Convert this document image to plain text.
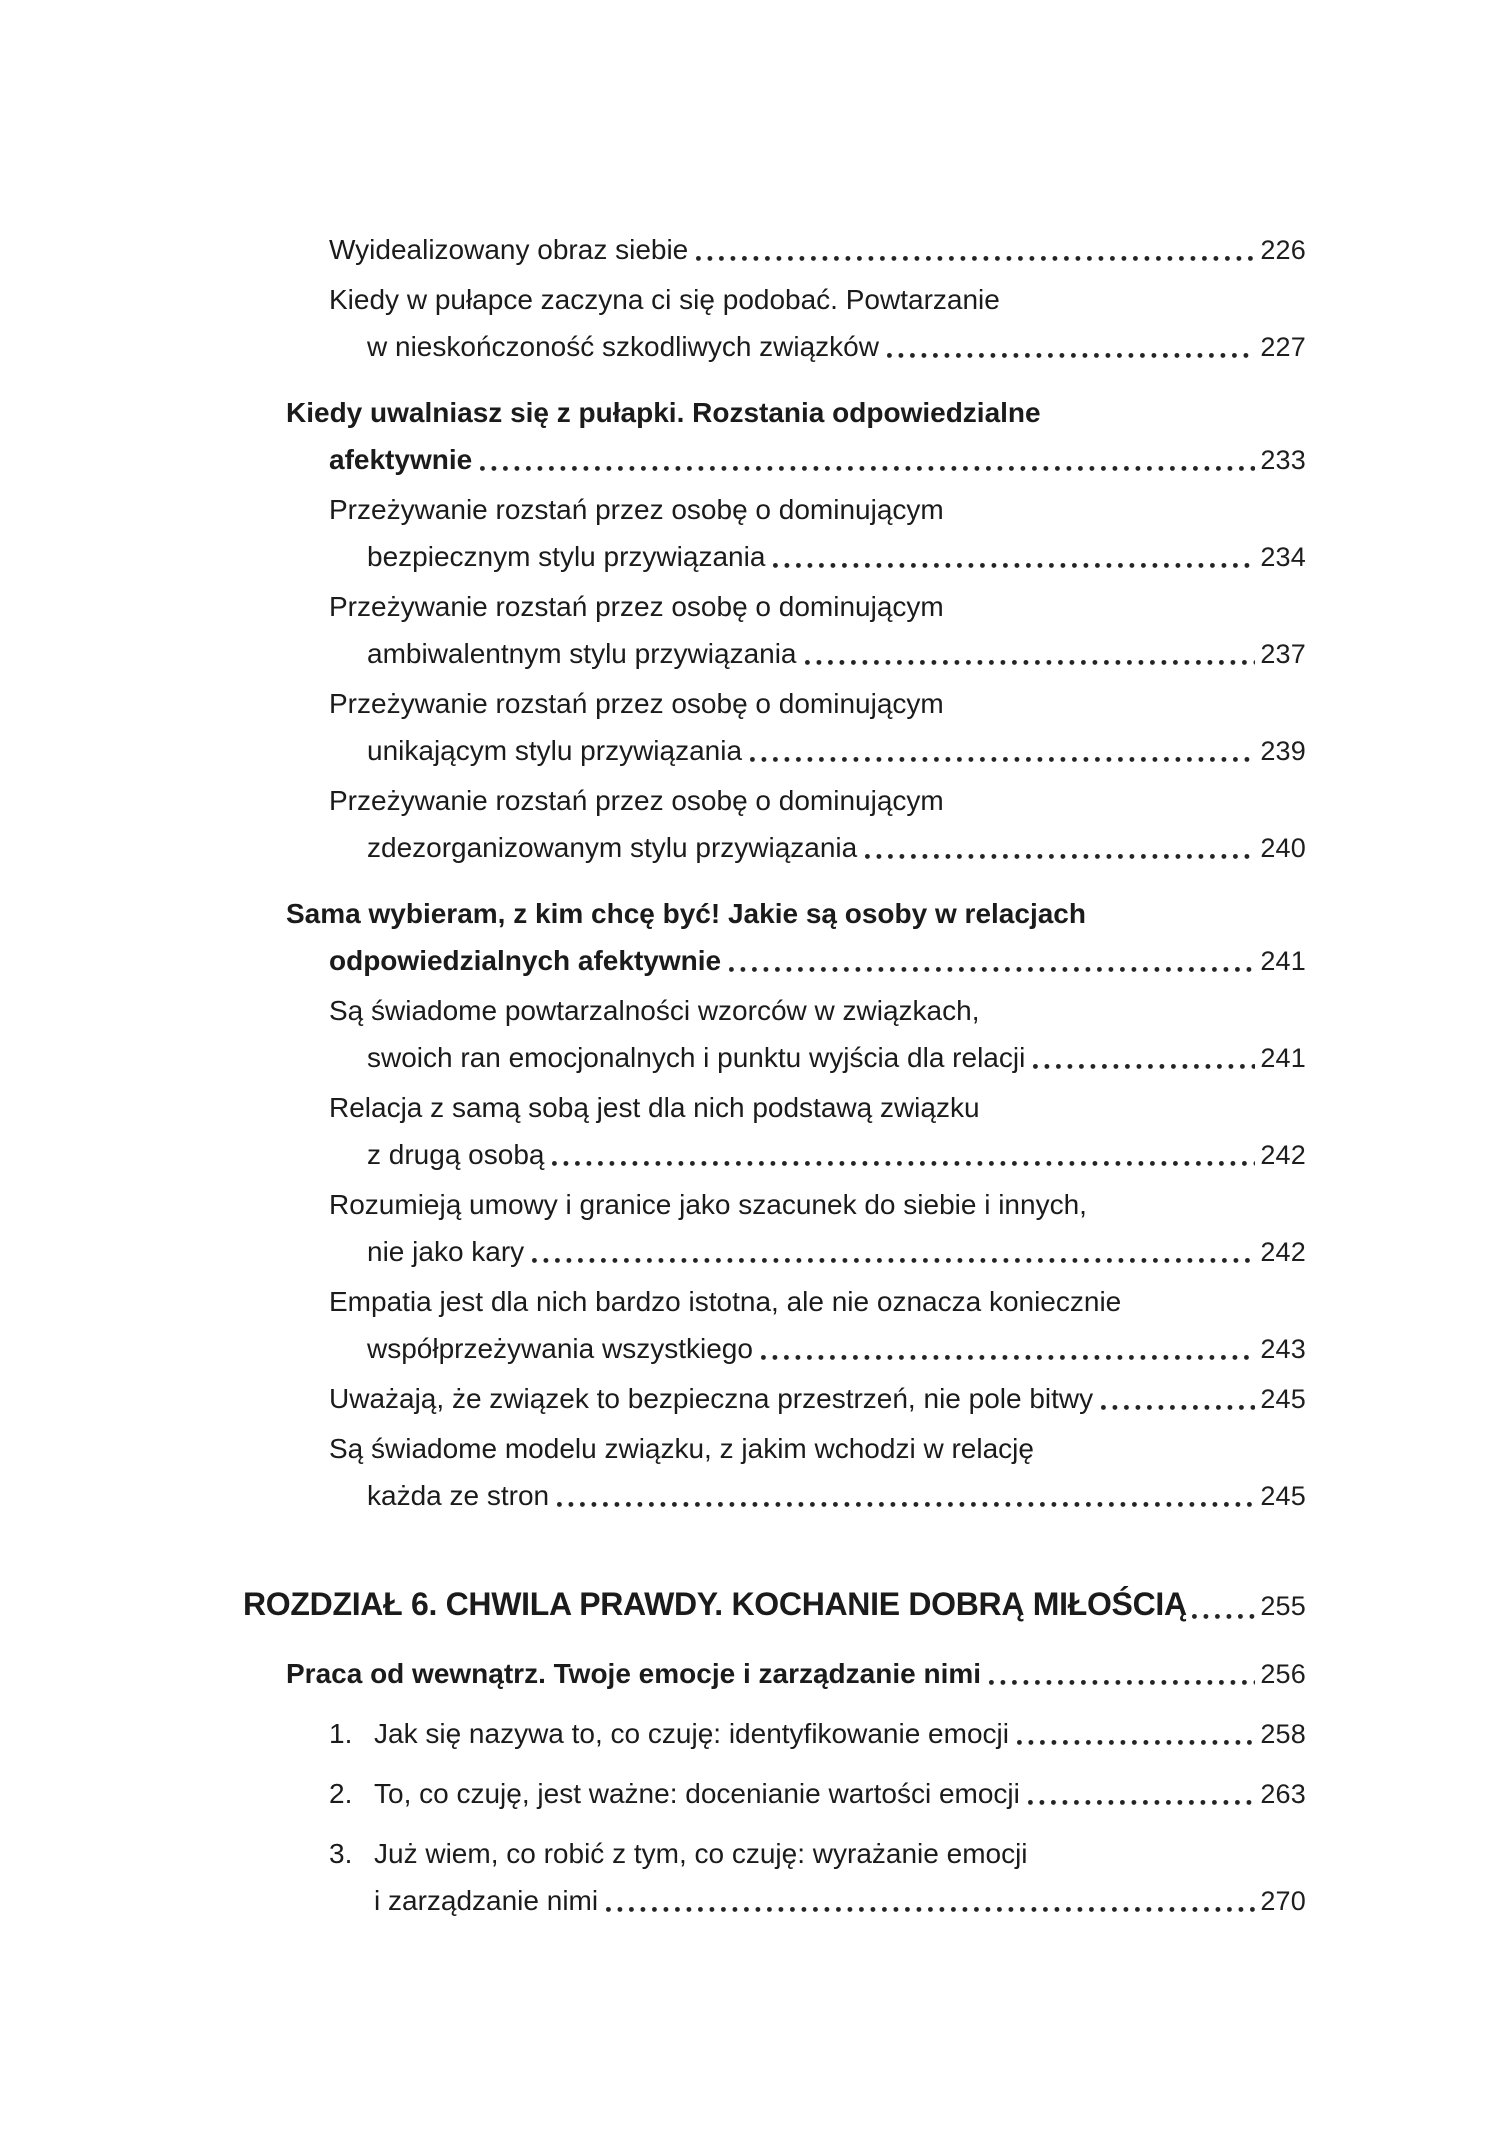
Wyidealizowany obraz siebie	226
Kiedy w pułapce zaczyna ci się podobać. Powtarzanie
w nieskończoność szkodliwych związków	227
Kiedy uwalniasz się z pułapki. Rozstania odpowiedzialne
afektywnie	233
Przeżywanie rozstań przez osobę o dominującym
bezpiecznym stylu przywiązania	234
Przeżywanie rozstań przez osobę o dominującym
ambiwalentnym stylu przywiązania	237
Przeżywanie rozstań przez osobę o dominującym
unikającym stylu przywiązania	239
Przeżywanie rozstań przez osobę o dominującym
zdezorganizowanym stylu przywiązania	240
Sama wybieram, z kim chcę być! Jakie są osoby w relacjach
odpowiedzialnych afektywnie	241
Są świadome powtarzalności wzorców w związkach,
swoich ran emocjonalnych i punktu wyjścia dla relacji	241
Relacja z samą sobą jest dla nich podstawą związku
z drugą osobą	242
Rozumieją umowy i granice jako szacunek do siebie i innych,
nie jako kary	242
Empatia jest dla nich bardzo istotna, ale nie oznacza koniecznie
współprzeżywania wszystkiego	243
Uważają, że związek to bezpieczna przestrzeń, nie pole bitwy	245
Są świadome modelu związku, z jakim wchodzi w relację
każda ze stron	245
ROZDZIAŁ 6. CHWILA PRAWDY. KOCHANIE DOBRĄ MIŁOŚCIĄ	255
Praca od wewnątrz. Twoje emocje i zarządzanie nimi	256
1. Jak się nazywa to, co czuję: identyfikowanie emocji	258
2. To, co czuję, jest ważne: docenianie wartości emocji	263
3. Już wiem, co robić z tym, co czuję: wyrażanie emocji
i zarządzanie nimi	270
